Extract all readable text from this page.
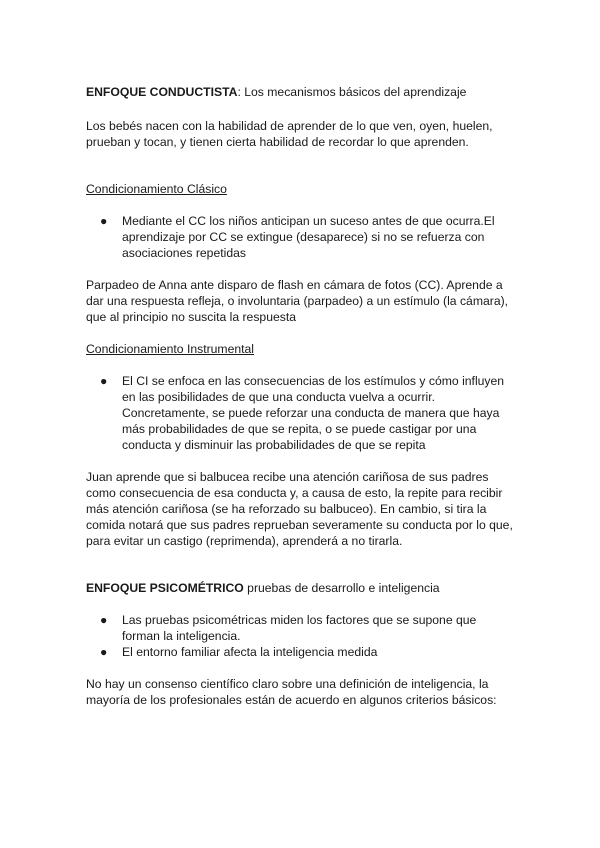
ENFOQUE CONDUCTISTA: Los mecanismos básicos del aprendizaje

Los bebés nacen con la habilidad de aprender de lo que ven, oyen, huelen, prueban y tocan, y tienen cierta habilidad de recordar lo que aprenden.

Condicionamiento Clásico

● Mediante el CC los niños anticipan un suceso antes de que ocurra.El aprendizaje por CC se extingue (desaparece) si no se refuerza con asociaciones repetidas

Parpadeo de Anna ante disparo de flash en cámara de fotos (CC). Aprende a dar una respuesta refleja, o involuntaria (parpadeo) a un estímulo (la cámara), que al principio no suscita la respuesta

Condicionamiento Instrumental

● El CI se enfoca en las consecuencias de los estímulos y cómo influyen en las posibilidades de que una conducta vuelva a ocurrir. Concretamente, se puede reforzar una conducta de manera que haya más probabilidades de que se repita, o se puede castigar por una conducta y disminuir las probabilidades de que se repita

Juan aprende que si balbucea recibe una atención cariñosa de sus padres como consecuencia de esa conducta y, a causa de esto, la repite para recibir más atención cariñosa (se ha reforzado su balbuceo). En cambio, si tira la comida notará que sus padres reprueban severamente su conducta por lo que, para evitar un castigo (reprimenda), aprenderá a no tirarla.

ENFOQUE PSICOMÉTRICO pruebas de desarrollo e inteligencia

● Las pruebas psicométricas miden los factores que se supone que forman la inteligencia.
● El entorno familiar afecta la inteligencia medida

No hay un consenso científico claro sobre una definición de inteligencia, la mayoría de los profesionales están de acuerdo en algunos criterios básicos:
